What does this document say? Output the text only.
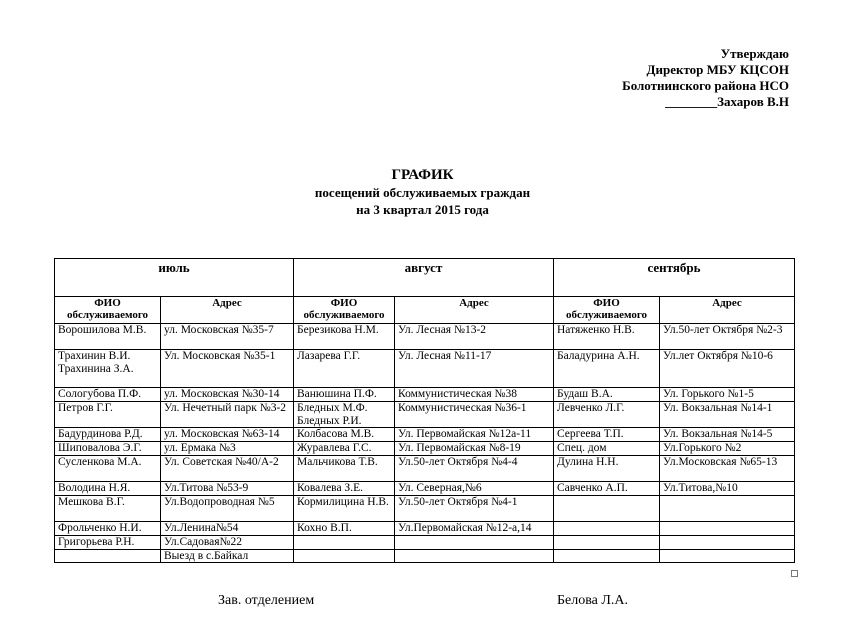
Утверждаю
Директор МБУ КЦСОН
Болотнинского района НСО
________Захаров В.Н
ГРАФИК
посещений обслуживаемых граждан
на 3 квартал 2015 года
июль		август		сентябрь	
ФИО обслуживаемого	Адрес	ФИО обслуживаемого	Адрес	ФИО обслуживаемого	Адрес
Ворошилова М.В.	ул. Московская №35-7	Березикова Н.М.	Ул. Лесная №13-2	Натяженко Н.В.	Ул.50-лет Октября №2-3
Трахинин В.И. Трахинина З.А.	Ул. Московская №35-1	Лазарева Г.Г.	Ул. Лесная №11-17	Баладурина А.Н.	Ул.лет Октября №10-6
Сологубова П.Ф.	ул. Московская №30-14	Ванюшина П.Ф.	Коммунистическая №38	Будаш В.А.	Ул. Горького №1-5
Петров Г.Г.	Ул. Нечетный парк №3-2	Бледных М.Ф. Бледных Р.И.	Коммунистическая №36-1	Левченко Л.Г.	Ул. Вокзальная №14-1
Бадурдинова Р.Д.	ул. Московская №63-14	Колбасова М.В.	Ул. Первомайская №12а-11	Сергеева Т.П.	Ул. Вокзальная №14-5
Шиповалова Э.Г.	ул. Ермака №3	Журавлева Г.С.	Ул. Первомайская №8-19	Спец. дом	Ул.Горького №2
Сусленкова М.А.	Ул. Советская №40/А-2	Мальчикова Т.В.	Ул.50-лет Октября №4-4	Дулина Н.Н.	Ул.Московская №65-13
Володина Н.Я.	Ул.Титова №53-9	Ковалева З.Е.	Ул. Северная,№6	Савченко А.П.	Ул.Титова,№10
Мешкова В.Г.	Ул.Водопроводная №5	Кормилицина Н.В.	Ул.50-лет Октября №4-1		
Фрольченко Н.И.	Ул.Ленина№54	Кохно В.П.	Ул.Первомайская №12-а,14		
Григорьева Р.Н.	Ул.Садовая№22				
	Выезд в с.Байкал				
Зав. отделением	Белова Л.А.
